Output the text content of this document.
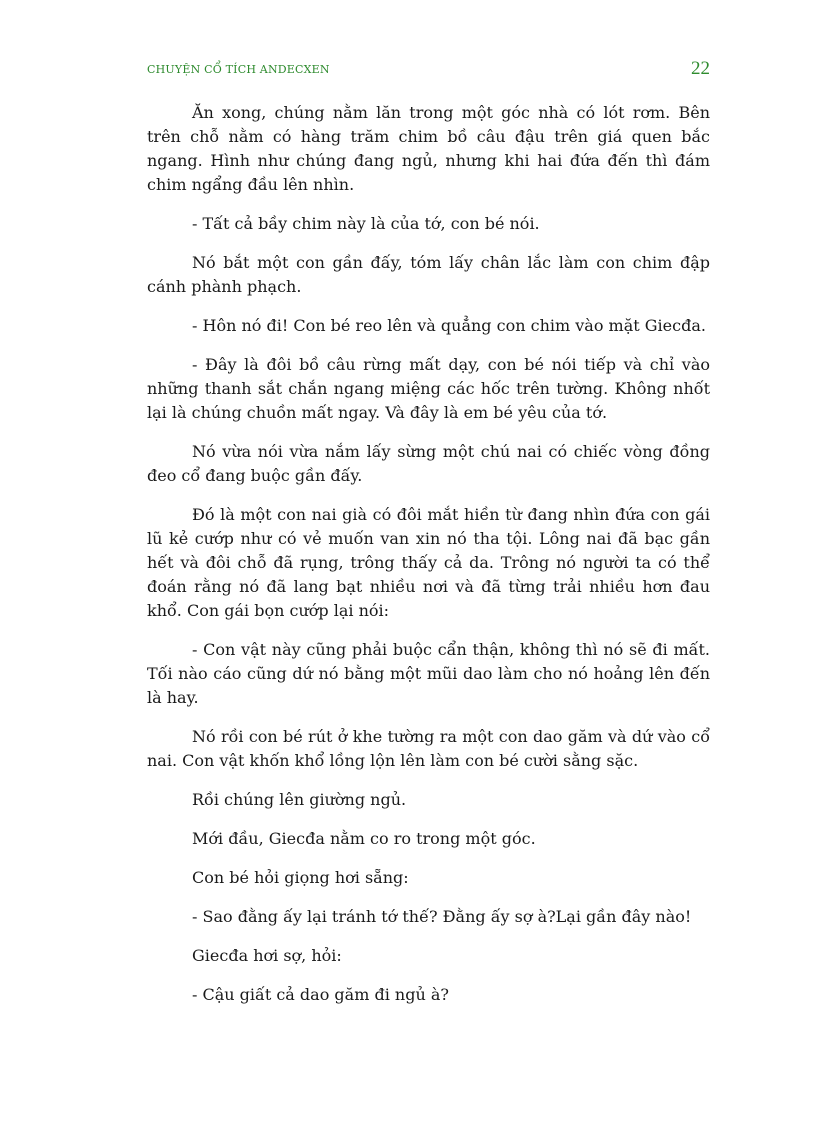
CHUYỆN CỔ TÍCH ANDECXEN	22

Ăn xong, chúng nằm lăn trong một góc nhà có lót rơm. Bên trên chỗ nằm có hàng trăm chim bồ câu đậu trên giá quen bắc ngang. Hình như chúng đang ngủ, nhưng khi hai đứa đến thì đám chim ngẩng đầu lên nhìn.

- Tất cả bầy chim này là của tớ, con bé nói.

Nó bắt một con gần đấy, tóm lấy chân lắc làm con chim đập cánh phành phạch.

- Hôn nó đi! Con bé reo lên và quẳng con chim vào mặt Giecđa.

- Đây là đôi bồ câu rừng mất dạy, con bé nói tiếp và chỉ vào những thanh sắt chắn ngang miệng các hốc trên tường. Không nhốt lại là chúng chuồn mất ngay. Và đây là em bé yêu của tớ.

Nó vừa nói vừa nắm lấy sừng một chú nai có chiếc vòng đồng đeo cổ đang buộc gần đấy.

Đó là một con nai già có đôi mắt hiền từ đang nhìn đứa con gái lũ kẻ cướp như có vẻ muốn van xin nó tha tội. Lông nai đã bạc gần hết và đôi chỗ đã rụng, trông thấy cả da. Trông nó người ta có thể đoán rằng nó đã lang bạt nhiều nơi và đã từng trải nhiều hơn đau khổ. Con gái bọn cướp lại nói:

- Con vật này cũng phải buộc cẩn thận, không thì nó sẽ đi mất. Tối nào cáo cũng dứ nó bằng một mũi dao làm cho nó hoảng lên đến là hay.

Nó rồi con bé rút ở khe tường ra một con dao găm và dứ vào cổ nai. Con vật khốn khổ lồng lộn lên làm con bé cười sằng sặc.

Rồi chúng lên giường ngủ.

Mới đầu, Giecđa nằm co ro trong một góc.

Con bé hỏi giọng hơi sẵng:

- Sao đằng ấy lại tránh tớ thế? Đằng ấy sợ à?Lại gần đây nào!

Giecđa hơi sợ, hỏi:

- Cậu giất cả dao găm đi ngủ à?
